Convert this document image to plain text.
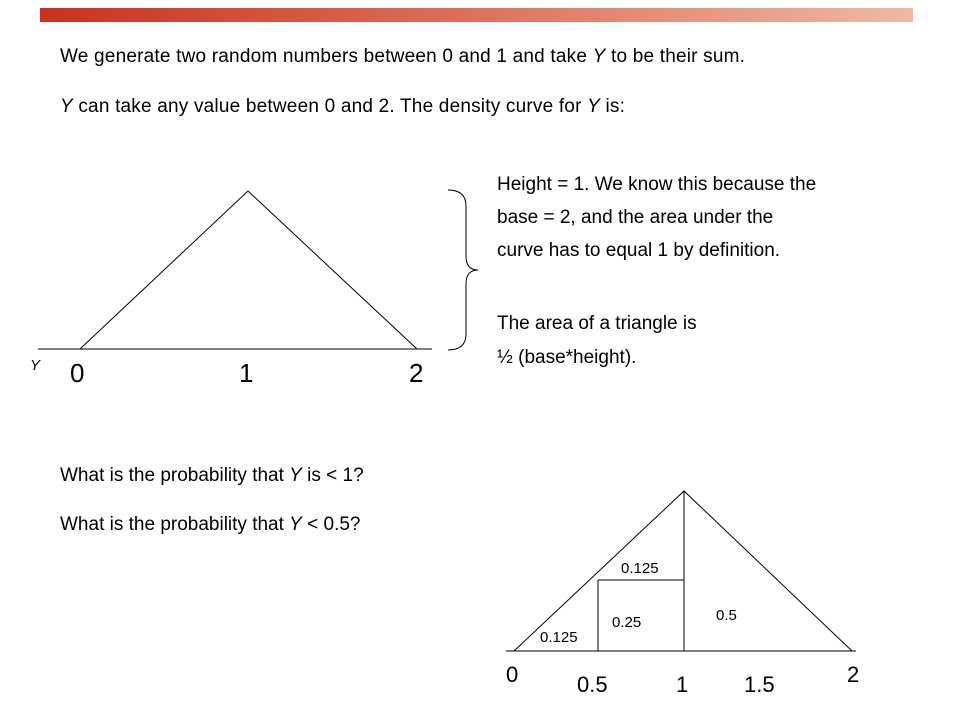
We generate two random numbers between 0 and 1 and take Y to be their sum.
Y can take any value between 0 and 2. The density curve for Y is:
Y 0	1	2
0.125
0.25
0.125
0.5
0	0.5	1	1.5	2
Height = 1. We know this because the
base = 2, and the area under the
curve has to equal 1 by definition.
The area of a triangle is
½ (base*height).
What is the probability that Y is < 1?
What is the probability that Y < 0.5?
